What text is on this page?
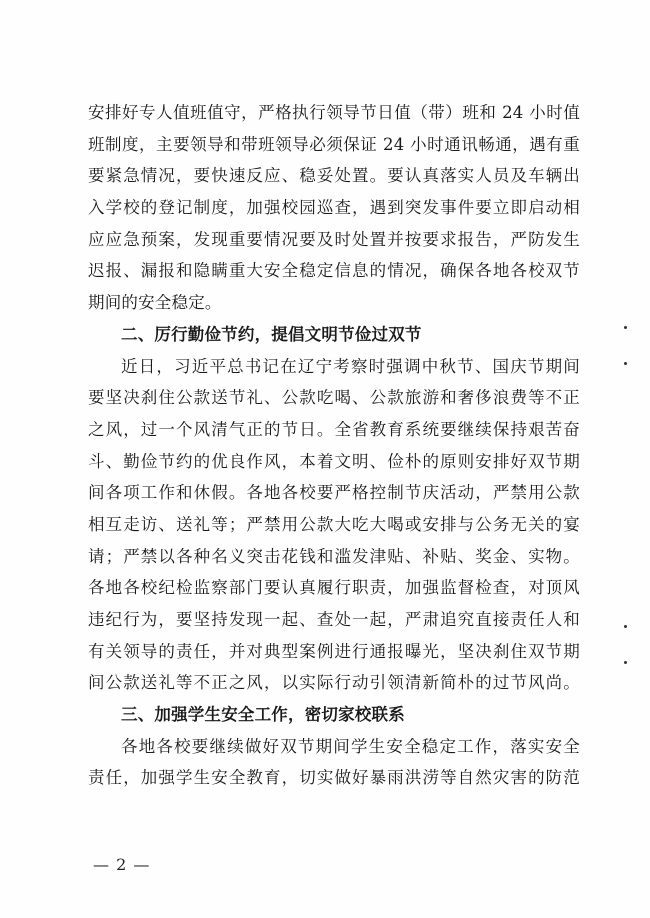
安排好专人值班值守，严格执行领导节日值（带）班和 24 小时值
班制度，主要领导和带班领导必须保证 24 小时通讯畅通，遇有重
要紧急情况，要快速反应、稳妥处置。要认真落实人员及车辆出
入学校的登记制度，加强校园巡查，遇到突发事件要立即启动相
应应急预案，发现重要情况要及时处置并按要求报告，严防发生
迟报、漏报和隐瞒重大安全稳定信息的情况，确保各地各校双节
期间的安全稳定。
二、厉行勤俭节约，提倡文明节俭过双节
近日，习近平总书记在辽宁考察时强调中秋节、国庆节期间
要坚决刹住公款送节礼、公款吃喝、公款旅游和奢侈浪费等不正
之风，过一个风清气正的节日。全省教育系统要继续保持艰苦奋
斗、勤俭节约的优良作风，本着文明、俭朴的原则安排好双节期
间各项工作和休假。各地各校要严格控制节庆活动，严禁用公款
相互走访、送礼等；严禁用公款大吃大喝或安排与公务无关的宴
请；严禁以各种名义突击花钱和滥发津贴、补贴、奖金、实物。
各地各校纪检监察部门要认真履行职责，加强监督检查，对顶风
违纪行为，要坚持发现一起、查处一起，严肃追究直接责任人和
有关领导的责任，并对典型案例进行通报曝光，坚决刹住双节期
间公款送礼等不正之风，以实际行动引领清新简朴的过节风尚。
三、加强学生安全工作，密切家校联系
各地各校要继续做好双节期间学生安全稳定工作，落实安全
责任，加强学生安全教育，切实做好暴雨洪涝等自然灾害的防范
— 2 —
